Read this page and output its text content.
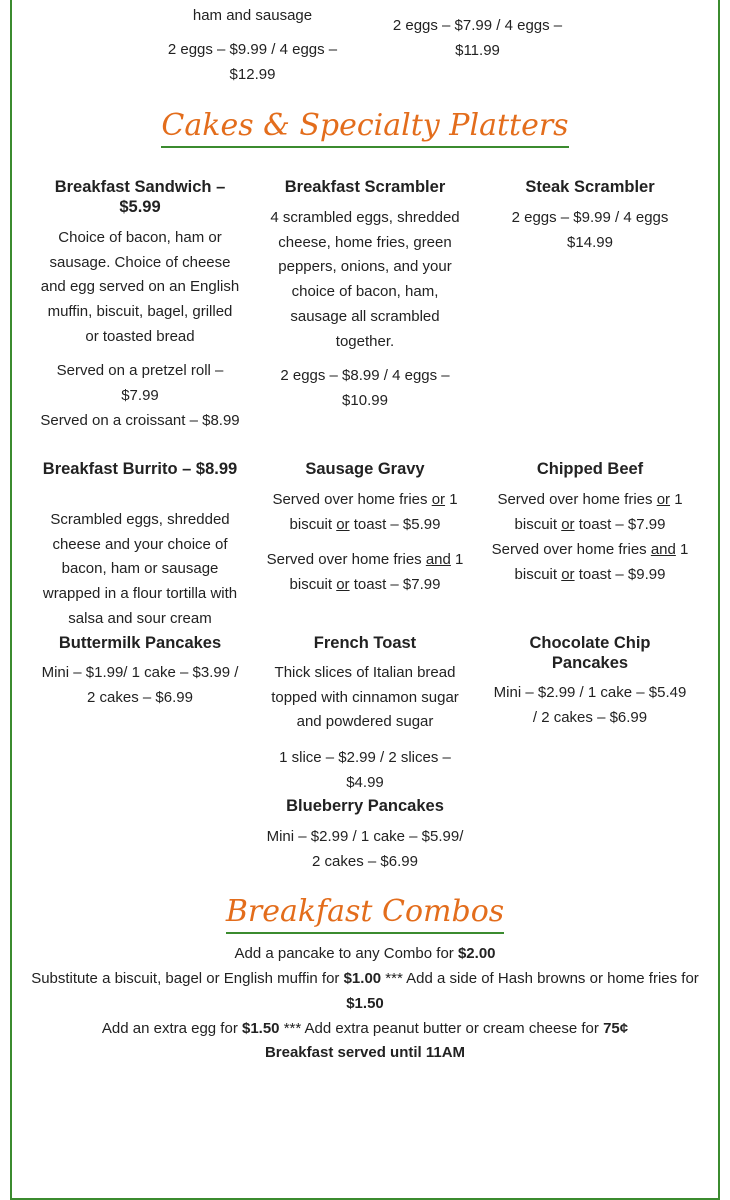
ham and sausage
2 eggs – $9.99 / 4 eggs – $12.99
2 eggs – $7.99 / 4 eggs – $11.99
Cakes & Specialty Platters
Breakfast Sandwich – $5.99
Choice of bacon, ham or sausage. Choice of cheese and egg served on an English muffin, biscuit, bagel, grilled or toasted bread
Served on a pretzel roll – $7.99
Served on a croissant – $8.99
Breakfast Scrambler
4 scrambled eggs, shredded cheese, home fries, green peppers, onions, and your choice of bacon, ham, sausage all scrambled together.
2 eggs – $8.99 / 4 eggs – $10.99
Steak Scrambler
2 eggs – $9.99 / 4 eggs $14.99
Breakfast Burrito – $8.99
Scrambled eggs, shredded cheese and your choice of bacon, ham or sausage wrapped in a flour tortilla with salsa and sour cream
Sausage Gravy
Served over home fries or 1 biscuit or toast – $5.99
Served over home fries and 1 biscuit or toast – $7.99
Chipped Beef
Served over home fries or 1 biscuit or toast – $7.99
Served over home fries and 1 biscuit or toast – $9.99
Buttermilk Pancakes
Mini – $1.99/ 1 cake – $3.99 / 2 cakes – $6.99
French Toast
Thick slices of Italian bread topped with cinnamon sugar and powdered sugar
1 slice – $2.99 / 2 slices – $4.99
Chocolate Chip Pancakes
Mini – $2.99 / 1 cake – $5.49 / 2 cakes – $6.99
Blueberry Pancakes
Mini – $2.99 / 1 cake – $5.99/ 2 cakes – $6.99
Breakfast Combos
Add a pancake to any Combo for $2.00
Substitute a biscuit, bagel or English muffin for $1.00 *** Add a side of Hash browns or home fries for $1.50
Add an extra egg for $1.50 *** Add extra peanut butter or cream cheese for 75¢
Breakfast served until 11AM
